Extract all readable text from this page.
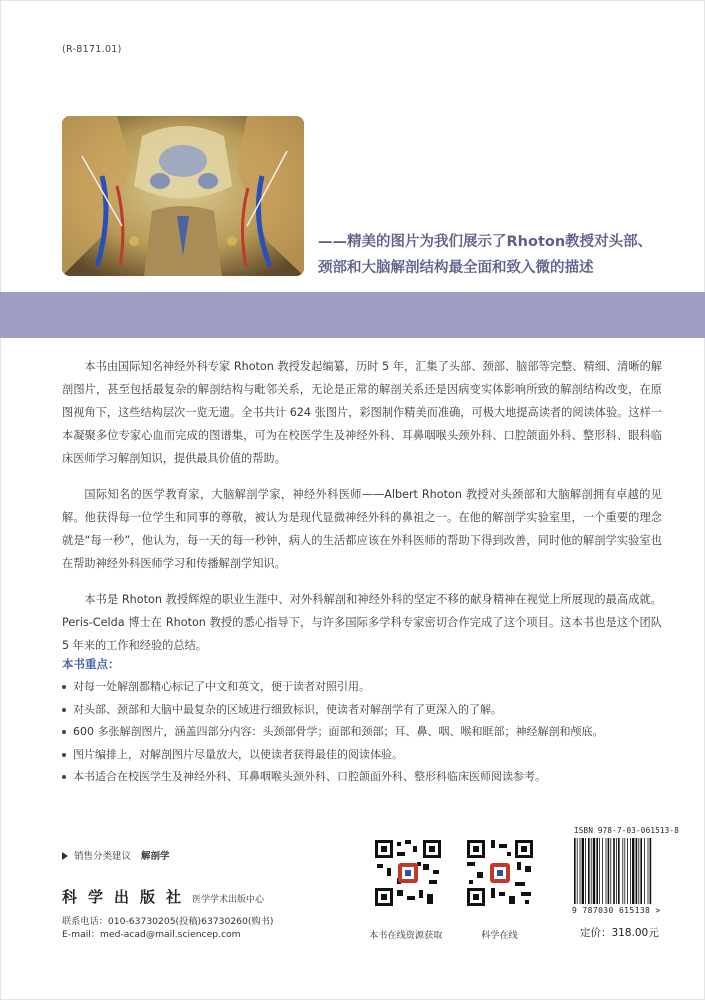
(R-8171.01)
——精美的图片为我们展示了Rhoton教授对头部、
颈部和大脑解剖结构最全面和致入微的描述

本书由国际知名神经外科专家 Rhoton 教授发起编纂，历时 5 年，汇集了头部、颈部、脑部等完整、精细、清晰的解剖图片，甚至包括最复杂的解剖结构与毗邻关系，无论是正常的解剖关系还是因病变实体影响所致的解剖结构改变，在原图视角下，这些结构层次一览无遗。全书共计 624 张图片，彩图制作精美而准确，可极大地提高读者的阅读体验。这样一本凝聚多位专家心血而完成的图谱集，可为在校医学生及神经外科、耳鼻咽喉头颈外科、口腔颌面外科、整形科、眼科临床医师学习解剖知识，提供最具价值的帮助。

国际知名的医学教育家，大脑解剖学家，神经外科医师——Albert Rhoton 教授对头颈部和大脑解剖拥有卓越的见解。他获得每一位学生和同事的尊敬，被认为是现代显微神经外科的鼻祖之一。在他的解剖学实验室里，一个重要的理念就是“每一秒”，他认为，每一天的每一秒钟，病人的生活都应该在外科医师的帮助下得到改善，同时他的解剖学实验室也在帮助神经外科医师学习和传播解剖学知识。

本书是 Rhoton 教授辉煌的职业生涯中、对外科解剖和神经外科的坚定不移的献身精神在视觉上所展现的最高成就。Peris-Celda 博士在 Rhoton 教授的悉心指导下，与许多国际多学科专家密切合作完成了这个项目。这本书也是这个团队 5 年来的工作和经验的总结。

本书重点：
对每一处解剖都精心标记了中文和英文，便于读者对照引用。
对头部、颈部和大脑中最复杂的区域进行细致标识，使读者对解剖学有了更深入的了解。
600 多张解剖图片，涵盖四部分内容：头颈部骨学；面部和颈部；耳、鼻、咽、喉和眶部；神经解剖和颅底。
图片编排上，对解剖图片尽量放大，以使读者获得最佳的阅读体验。
本书适合在校医学生及神经外科、耳鼻咽喉头颈外科、口腔颌面外科、整形科临床医师阅读参考。
销售分类建议 解剖学
科学出版社医学学术出版中心
联系电话：010-63730205(投稿)63730260(购书)
E-mail：med-acad@mail.sciencep.com	本书在线资源获取	科学在线
ISBN 978-7-03-061513-8
9 787030 615138 >
定价：318.00元
